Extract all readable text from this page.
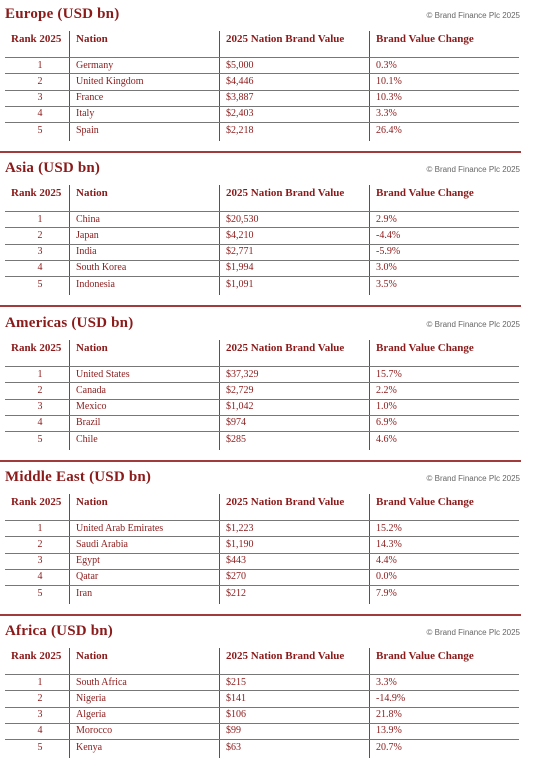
Europe (USD bn)	© Brand Finance Plc 2025
Rank 2025 Nation	2025 Nation Brand Value	Brand Value Change
1	Germany	$5,000	0.3%
2	United Kingdom	$4,446	10.1%
3	France	$3,887	10.3%
4	Italy	$2,403	3.3%
5	Spain	$2,218	26.4%
Asia (USD bn)	© Brand Finance Plc 2025
Rank 2025 Nation	2025 Nation Brand Value	Brand Value Change
1	China	$20,530	2.9%
2	Japan	$4,210	-4.4%
3	India	$2,771	-5.9%
4	South Korea	$1,994	3.0%
5	Indonesia	$1,091	3.5%
Americas (USD bn)	© Brand Finance Plc 2025
Rank 2025 Nation	2025 Nation Brand Value	Brand Value Change
1	United States	$37,329	15.7%
2	Canada	$2,729	2.2%
3	Mexico	$1,042	1.0%
4	Brazil	$974	6.9%
5	Chile	$285	4.6%
Middle East (USD bn)	© Brand Finance Plc 2025
Rank 2025 Nation	2025 Nation Brand Value	Brand Value Change
1	United Arab Emirates	$1,223	15.2%
2	Saudi Arabia	$1,190	14.3%
3	Egypt	$443	4.4%
4	Qatar	$270	0.0%
5	Iran	$212	7.9%
Africa (USD bn)	© Brand Finance Plc 2025
Rank 2025 Nation	2025 Nation Brand Value	Brand Value Change
1	South Africa	$215	3.3%
2	Nigeria	$141	-14.9%
3	Algeria	$106	21.8%
4	Morocco	$99	13.9%
5	Kenya	$63	20.7%
